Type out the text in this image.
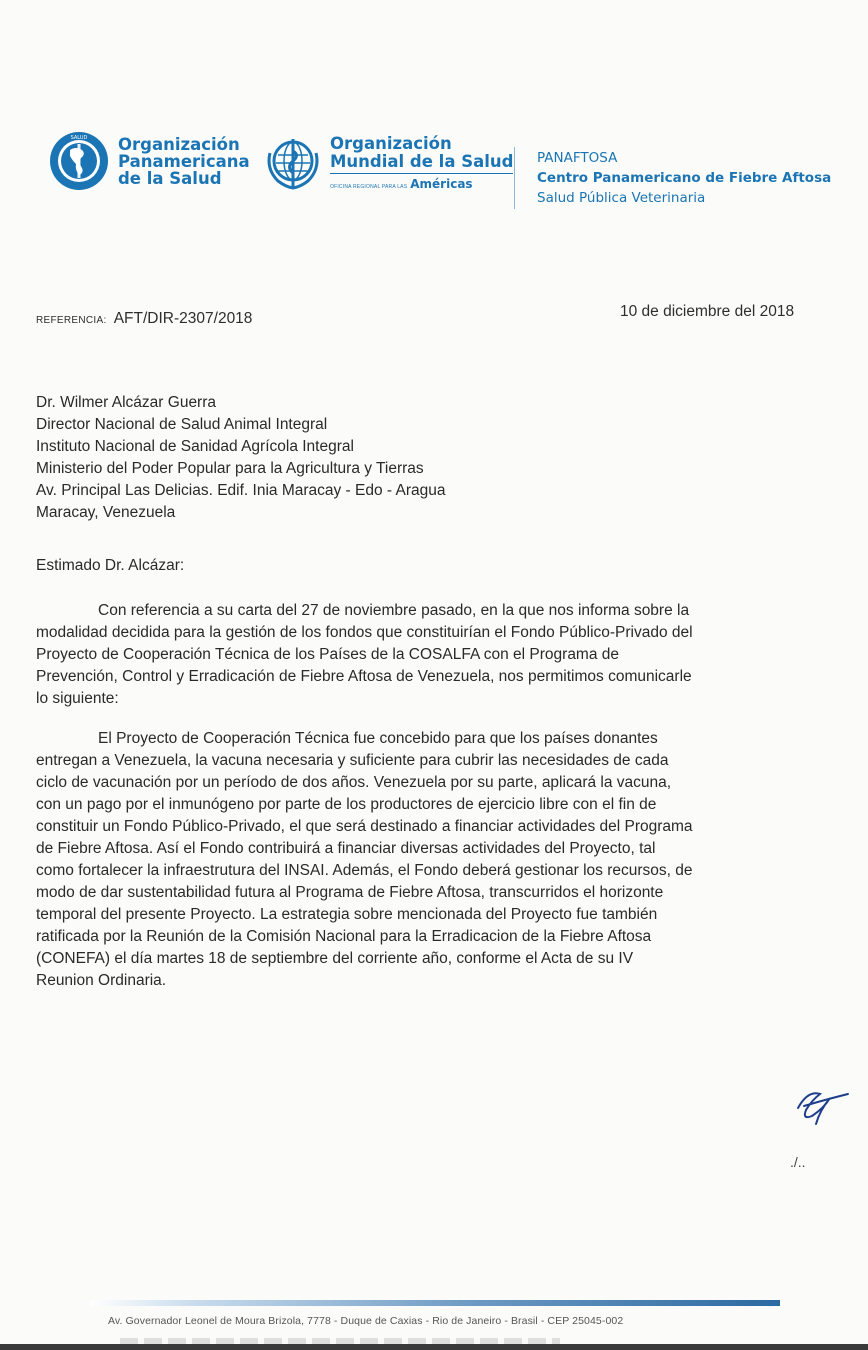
SALUD Organización
Panamericana
de la Salud
Organización
Mundial de la Salud
OFICINA REGIONAL PARA LAS Américas
PANAFTOSA
Centro Panamericano de Fiebre Aftosa
Salud Pública Veterinaria
REFERENCIA: AFT/DIR-2307/2018	10 de diciembre del 2018
Dr. Wilmer Alcázar Guerra
Director Nacional de Salud Animal Integral
Instituto Nacional de Sanidad Agrícola Integral
Ministerio del Poder Popular para la Agricultura y Tierras
Av. Principal Las Delicias. Edif. Inia Maracay - Edo - Aragua
Maracay, Venezuela
Estimado Dr. Alcázar:
Con referencia a su carta del 27 de noviembre pasado, en la que nos informa sobre la
modalidad decidida para la gestión de los fondos que constituirían el Fondo Público-Privado del
Proyecto de Cooperación Técnica de los Países de la COSALFA con el Programa de
Prevención, Control y Erradicación de Fiebre Aftosa de Venezuela, nos permitimos comunicarle
lo siguiente:
El Proyecto de Cooperación Técnica fue concebido para que los países donantes
entregan a Venezuela, la vacuna necesaria y suficiente para cubrir las necesidades de cada
ciclo de vacunación por un período de dos años. Venezuela por su parte, aplicará la vacuna,
con un pago por el inmunógeno por parte de los productores de ejercicio libre con el fin de
constituir un Fondo Público-Privado, el que será destinado a financiar actividades del Programa
de Fiebre Aftosa. Así el Fondo contribuirá a financiar diversas actividades del Proyecto, tal
como fortalecer la infraestrutura del INSAI. Además, el Fondo deberá gestionar los recursos, de
modo de dar sustentabilidad futura al Programa de Fiebre Aftosa, transcurridos el horizonte
temporal del presente Proyecto. La estrategia sobre mencionada del Proyecto fue también
ratificada por la Reunión de la Comisión Nacional para la Erradicacion de la Fiebre Aftosa
(CONEFA) el día martes 18 de septiembre del corriente año, conforme el Acta de su IV
Reunion Ordinaria.
./..
Av. Governador Leonel de Moura Brizola, 7778 - Duque de Caxias - Rio de Janeiro - Brasil - CEP 25045-002
